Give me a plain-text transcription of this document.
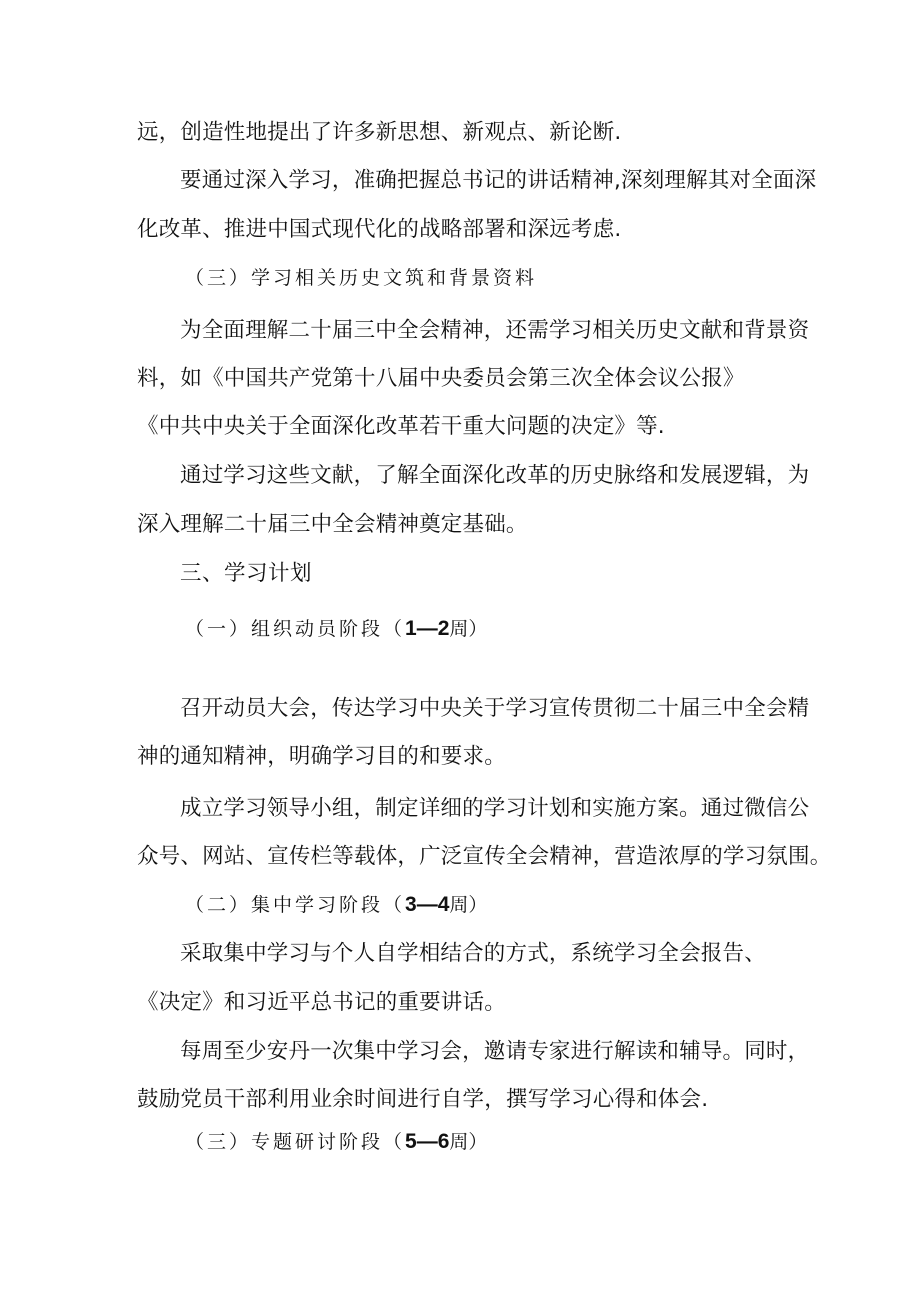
远，创造性地提出了许多新思想、新观点、新论断.
要通过深入学习，准确把握总书记的讲话精神,深刻理解其对全面深
化改革、推进中国式现代化的战略部署和深远考虑.
（三）学习相关历史文筑和背景资料
为全面理解二十届三中全会精神，还需学习相关历史文献和背景资
料，如《中国共产党第十八届中央委员会第三次全体会议公报》
《中共中央关于全面深化改革若干重大问题的决定》等.
通过学习这些文献，了解全面深化改革的历史脉络和发展逻辑，为
深入理解二十届三中全会精神奠定基础。
三、学习计划
（一）组织动员阶段（1—2周）
召开动员大会，传达学习中央关于学习宣传贯彻二十届三中全会精
神的通知精神，明确学习目的和要求。
成立学习领导小组，制定详细的学习计划和实施方案。通过微信公
众号、网站、宣传栏等载体，广泛宣传全会精神，营造浓厚的学习氛围。
（二）集中学习阶段（3—4周）
采取集中学习与个人自学相结合的方式，系统学习全会报告、
《决定》和习近平总书记的重要讲话。
每周至少安丹一次集中学习会，邀请专家进行解读和辅导。同时，
鼓励党员干部利用业余时间进行自学，撰写学习心得和体会.
（三）专题研讨阶段（5—6周）
